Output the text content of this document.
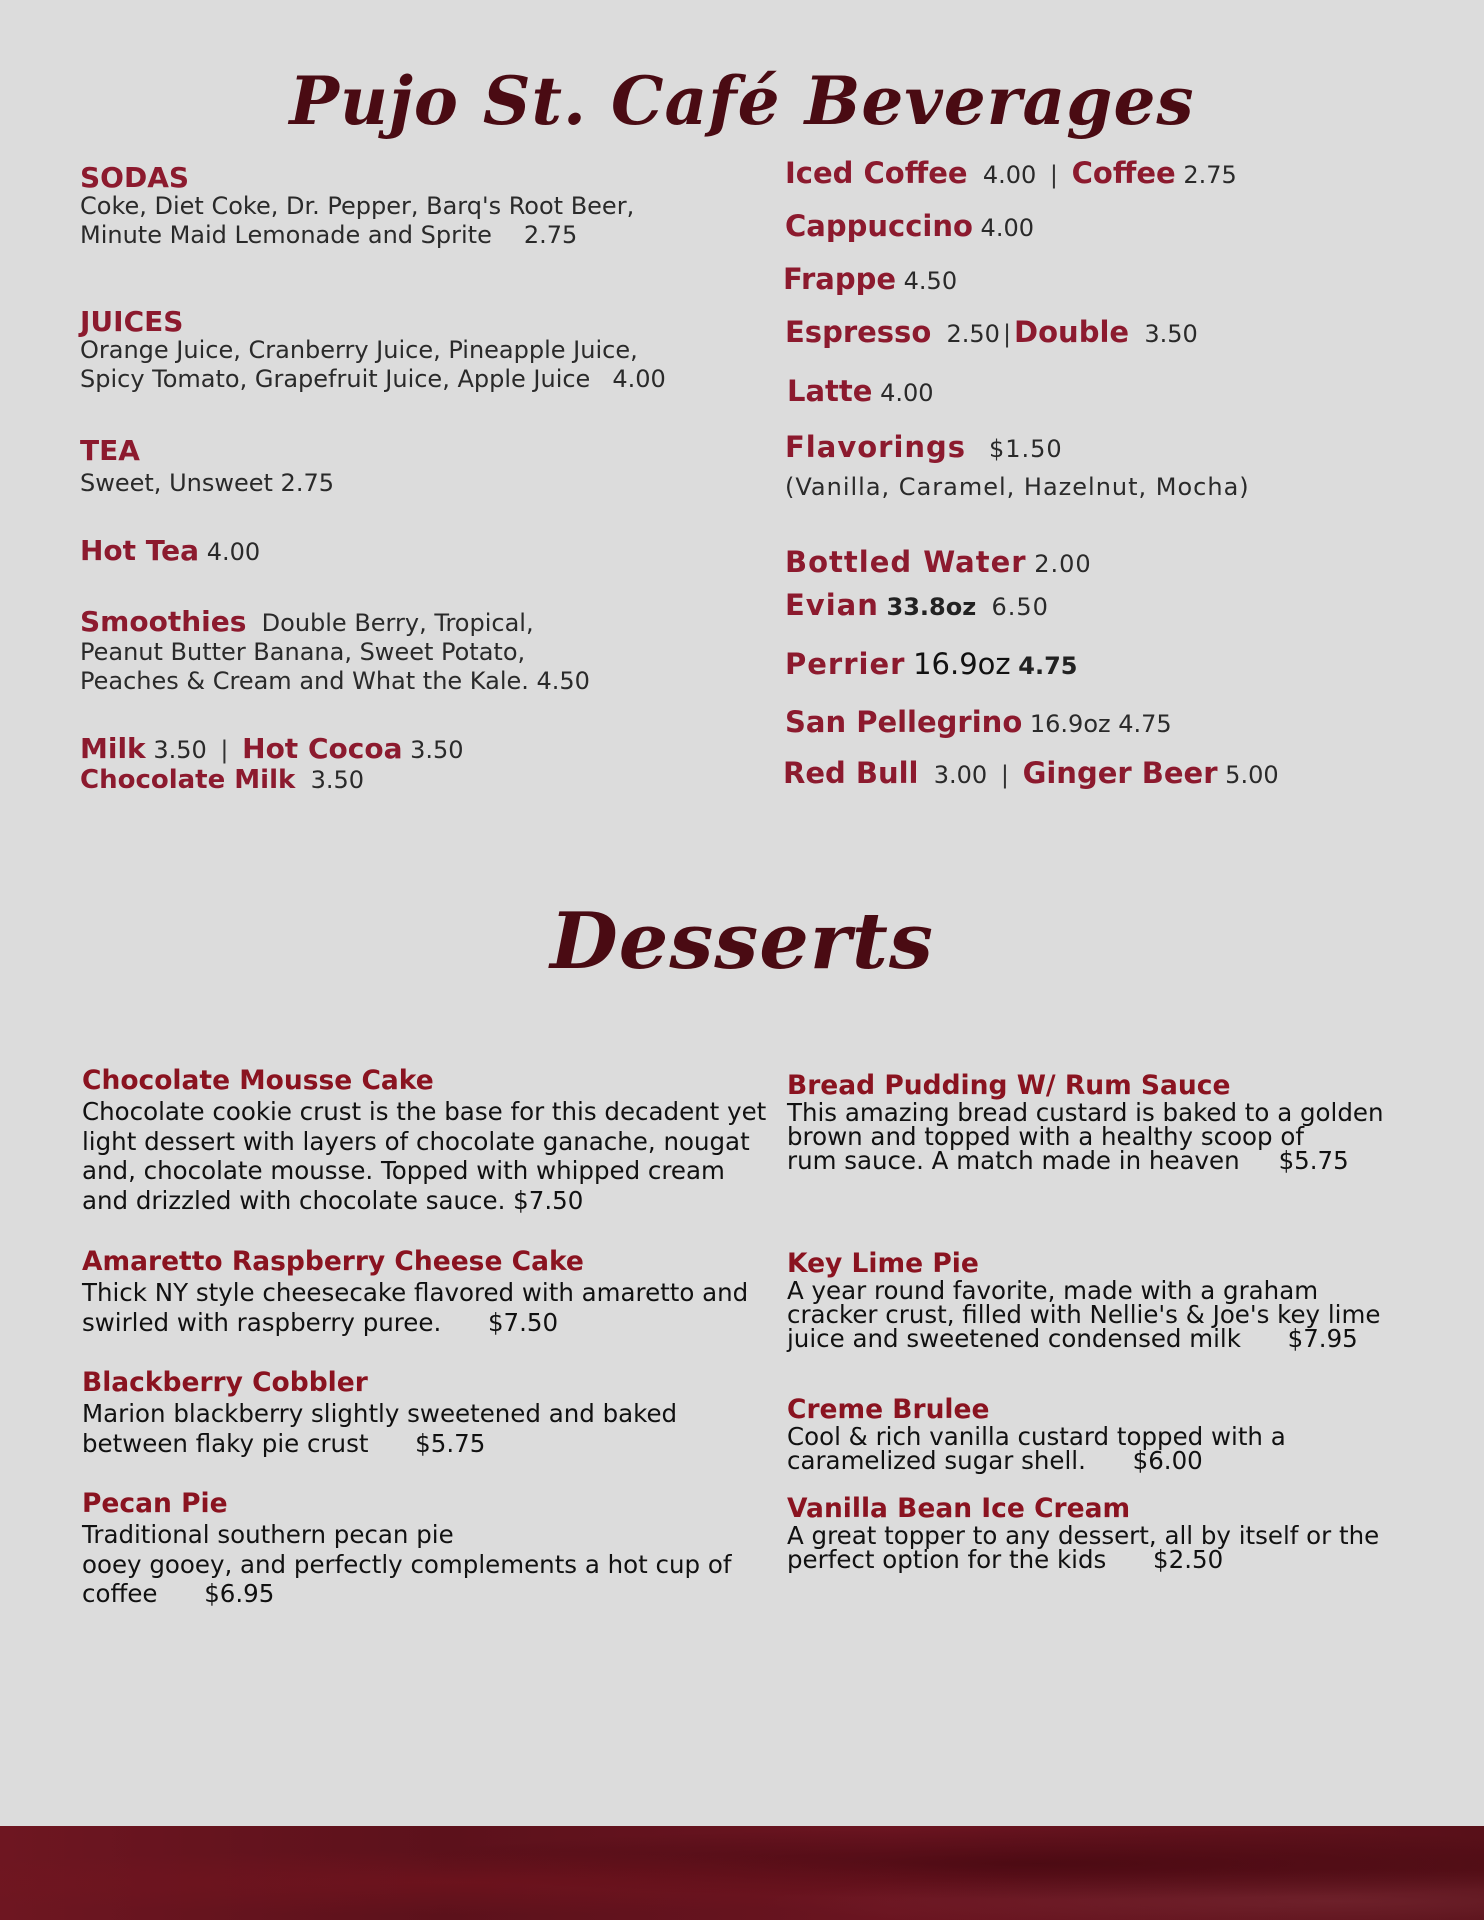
Pujo St. Café Beverages
SODAS
Coke, Diet Coke, Dr. Pepper, Barq's Root Beer,
Minute Maid Lemonade and Sprite 2.75
JUICES
Orange Juice, Cranberry Juice, Pineapple Juice,
Spicy Tomato, Grapefruit Juice, Apple Juice 4.00
TEA
Sweet, Unsweet 2.75
Hot Tea 4.00
Smoothies Double Berry, Tropical,
Peanut Butter Banana, Sweet Potato,
Peaches & Cream and What the Kale. 4.50
Milk 3.50 | Hot Cocoa 3.50
Chocolate Milk 3.50
Iced Coffee 4.00 | Coffee 2.75
Cappuccino 4.00
Frappe 4.50
Espresso 2.50 | Double 3.50
Latte 4.00
Flavorings $1.50
(Vanilla, Caramel, Hazelnut, Mocha)
Bottled Water 2.00
Evian 33.8oz 6.50
Perrier 16.9oz 4.75
San Pellegrino 16.9oz 4.75
Red Bull 3.00 | Ginger Beer 5.00
Desserts
Chocolate Mousse Cake
Chocolate cookie crust is the base for this decadent yet
light dessert with layers of chocolate ganache, nougat
and, chocolate mousse. Topped with whipped cream
and drizzled with chocolate sauce. $7.50
Amaretto Raspberry Cheese Cake
Thick NY style cheesecake flavored with amaretto and
swirled with raspberry puree.      $7.50
Blackberry Cobbler
Marion blackberry slightly sweetened and baked
between flaky pie crust      $5.75
Pecan Pie
Traditional southern pecan pie
ooey gooey, and perfectly complements a hot cup of
coffee      $6.95
Bread Pudding W/ Rum Sauce
This amazing bread custard is baked to a golden
brown and topped with a healthy scoop of
rum sauce. A match made in heaven     $5.75
Key Lime Pie
A year round favorite, made with a graham
cracker crust, filled with Nellie's & Joe's key lime
juice and sweetened condensed milk      $7.95
Creme Brulee
Cool & rich vanilla custard topped with a
caramelized sugar shell.      $6.00
Vanilla Bean Ice Cream
A great topper to any dessert, all by itself or the
perfect option for the kids      $2.50
